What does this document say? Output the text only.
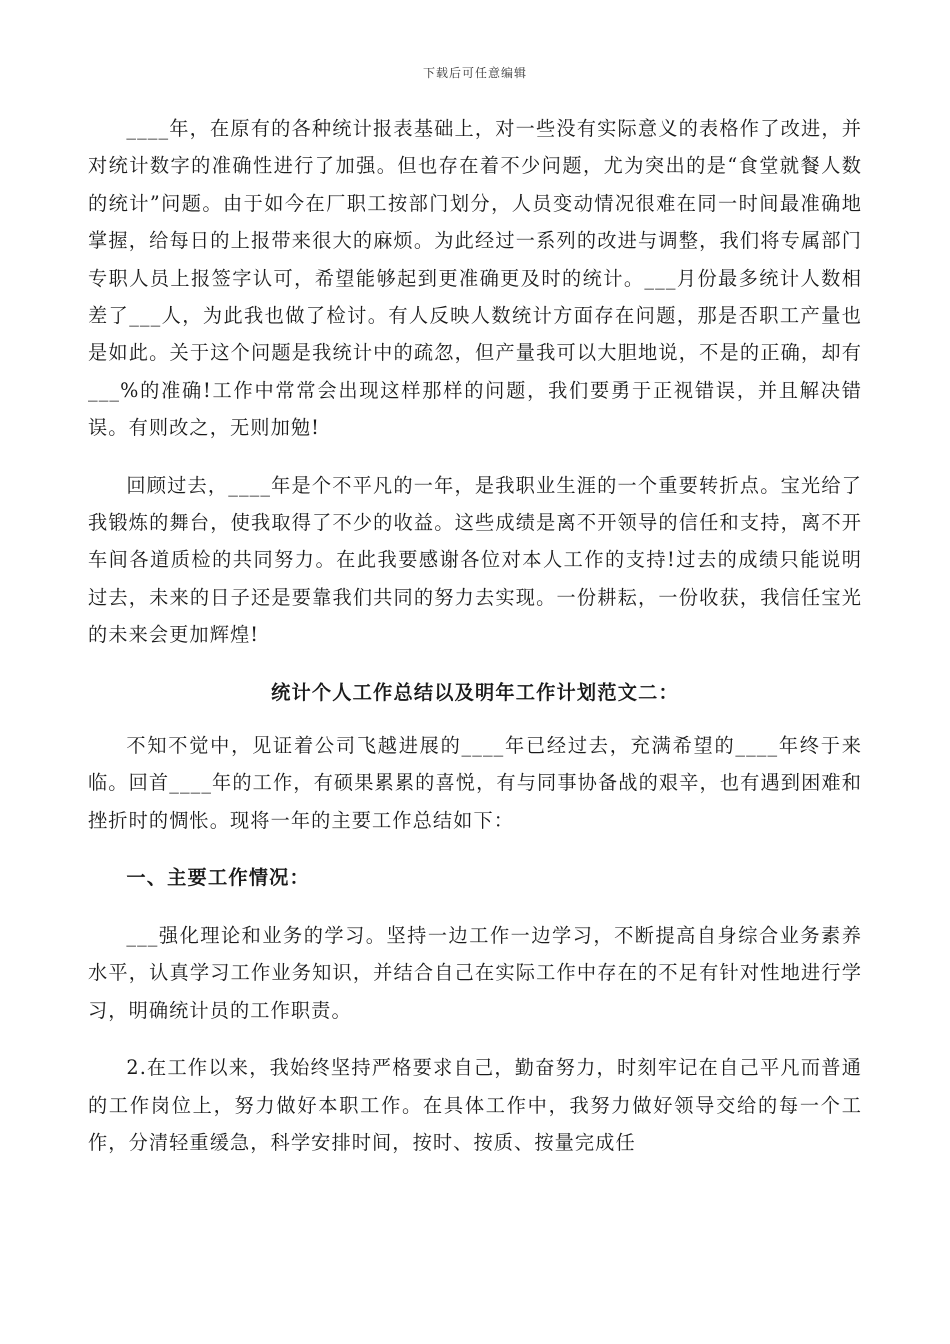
下载后可任意编辑

____年，在原有的各种统计报表基础上，对一些没有实际意义的表格作了改进，并对统计数字的准确性进行了加强。但也存在着不少问题，尤为突出的是“食堂就餐人数的统计”问题。由于如今在厂职工按部门划分，人员变动情况很难在同一时间最准确地掌握，给每日的上报带来很大的麻烦。为此经过一系列的改进与调整，我们将专属部门专职人员上报签字认可，希望能够起到更准确更及时的统计。___月份最多统计人数相差了___人，为此我也做了检讨。有人反映人数统计方面存在问题，那是否职工产量也是如此。关于这个问题是我统计中的疏忽，但产量我可以大胆地说，不是的正确，却有___%的准确!工作中常常会出现这样那样的问题，我们要勇于正视错误，并且解决错误。有则改之，无则加勉!

回顾过去，____年是个不平凡的一年，是我职业生涯的一个重要转折点。宝光给了我锻炼的舞台，使我取得了不少的收益。这些成绩是离不开领导的信任和支持，离不开车间各道质检的共同努力。在此我要感谢各位对本人工作的支持!过去的成绩只能说明过去，未来的日子还是要靠我们共同的努力去实现。一份耕耘，一份收获，我信任宝光的未来会更加辉煌!

统计个人工作总结以及明年工作计划范文二：

不知不觉中，见证着公司飞越进展的____年已经过去，充满希望的____年终于来临。回首____年的工作，有硕果累累的喜悦，有与同事协备战的艰辛，也有遇到困难和挫折时的惆怅。现将一年的主要工作总结如下：

一、主要工作情况：

___强化理论和业务的学习。坚持一边工作一边学习，不断提高自身综合业务素养水平，认真学习工作业务知识，并结合自己在实际工作中存在的不足有针对性地进行学习，明确统计员的工作职责。

2.在工作以来，我始终坚持严格要求自己，勤奋努力，时刻牢记在自己平凡而普通的工作岗位上，努力做好本职工作。在具体工作中，我努力做好领导交给的每一个工作，分清轻重缓急，科学安排时间，按时、按质、按量完成任
